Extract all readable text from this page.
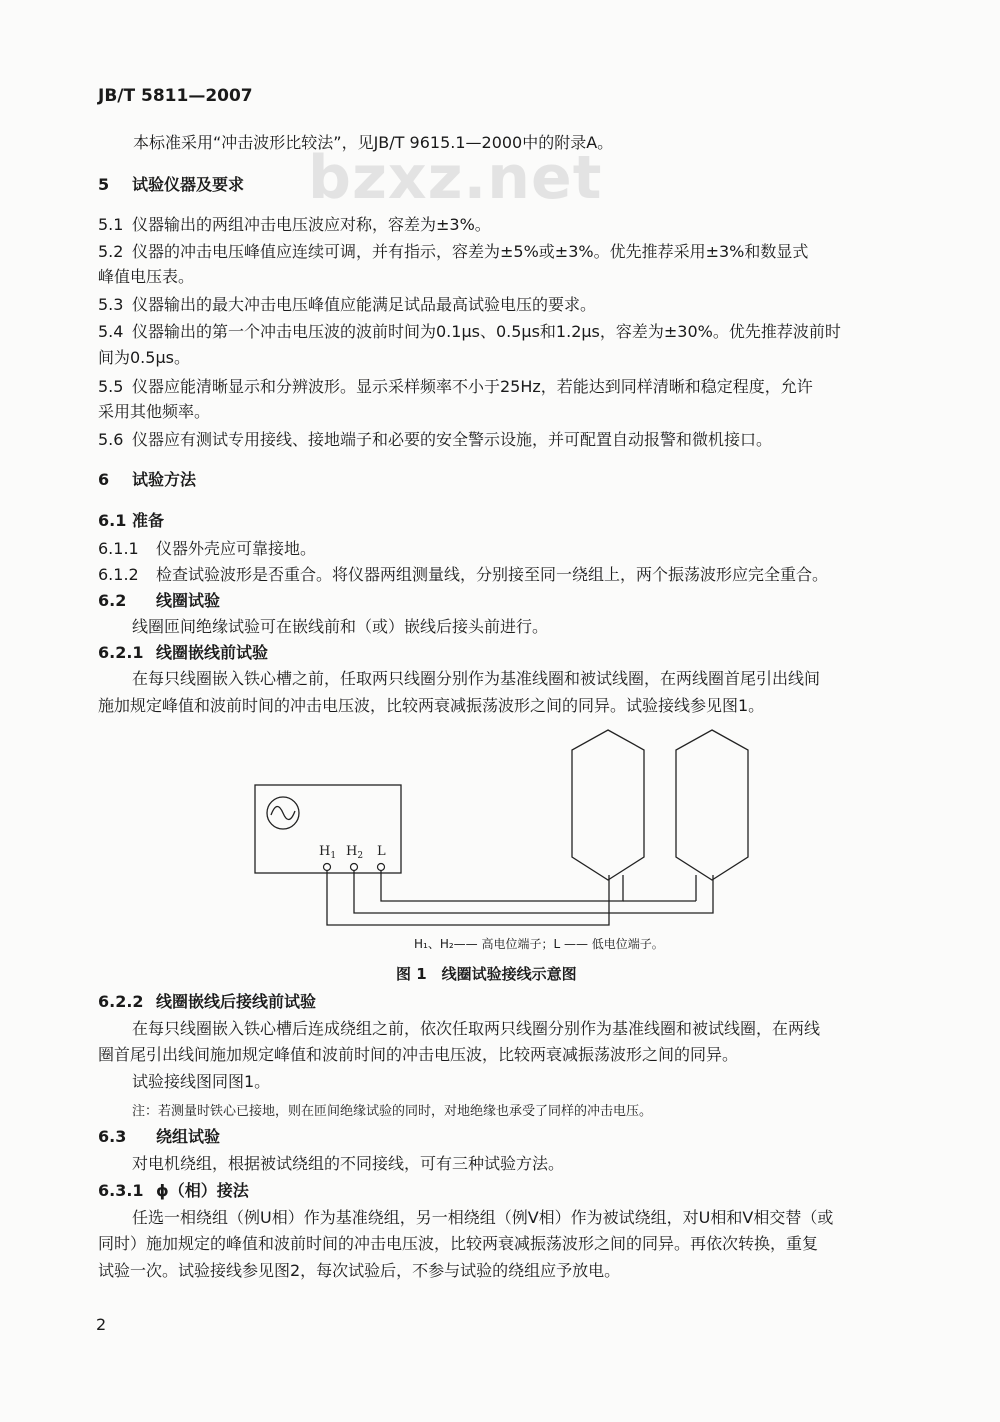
JB/T 5811—2007
bzxz.net
本标准采用“冲击波形比较法”，见JB/T 9615.1—2000中的附录A。
5 试验仪器及要求
5.1 仪器输出的两组冲击电压波应对称，容差为±3%。
5.2 仪器的冲击电压峰值应连续可调，并有指示，容差为±5%或±3%。优先推荐采用±3%和数显式
峰值电压表。
5.3 仪器输出的最大冲击电压峰值应能满足试品最高试验电压的要求。
5.4 仪器输出的第一个冲击电压波的波前时间为0.1μs、0.5μs和1.2μs，容差为±30%。优先推荐波前时
间为0.5μs。
5.5 仪器应能清晰显示和分辨波形。显示采样频率不小于25Hz，若能达到同样清晰和稳定程度，允许
采用其他频率。
5.6 仪器应有测试专用接线、接地端子和必要的安全警示设施，并可配置自动报警和微机接口。
6 试验方法
6.1 准备
6.1.1 仪器外壳应可靠接地。
6.1.2 检查试验波形是否重合。将仪器两组测量线，分别接至同一绕组上，两个振荡波形应完全重合。
6.2 线圈试验
线圈匝间绝缘试验可在嵌线前和（或）嵌线后接头前进行。
6.2.1 线圈嵌线前试验
在每只线圈嵌入铁心槽之前，任取两只线圈分别作为基准线圈和被试线圈，在两线圈首尾引出线间
施加规定峰值和波前时间的冲击电压波，比较两衰减振荡波形之间的同异。试验接线参见图1。
$H_1$ $H_2$ L
H₁、H₂—— 高电位端子；L —— 低电位端子。
图 1　线圈试验接线示意图
6.2.2 线圈嵌线后接线前试验
在每只线圈嵌入铁心槽后连成绕组之前，依次任取两只线圈分别作为基准线圈和被试线圈，在两线
圈首尾引出线间施加规定峰值和波前时间的冲击电压波，比较两衰减振荡波形之间的同异。
试验接线图同图1。
注：若测量时铁心已接地，则在匝间绝缘试验的同时，对地绝缘也承受了同样的冲击电压。
6.3 绕组试验
对电机绕组，根据被试绕组的不同接线，可有三种试验方法。
6.3.1 ϕ（相）接法
任选一相绕组（例U相）作为基准绕组，另一相绕组（例V相）作为被试绕组，对U相和V相交替（或
同时）施加规定的峰值和波前时间的冲击电压波，比较两衰减振荡波形之间的同异。再依次转换，重复
试验一次。试验接线参见图2，每次试验后，不参与试验的绕组应予放电。
2
